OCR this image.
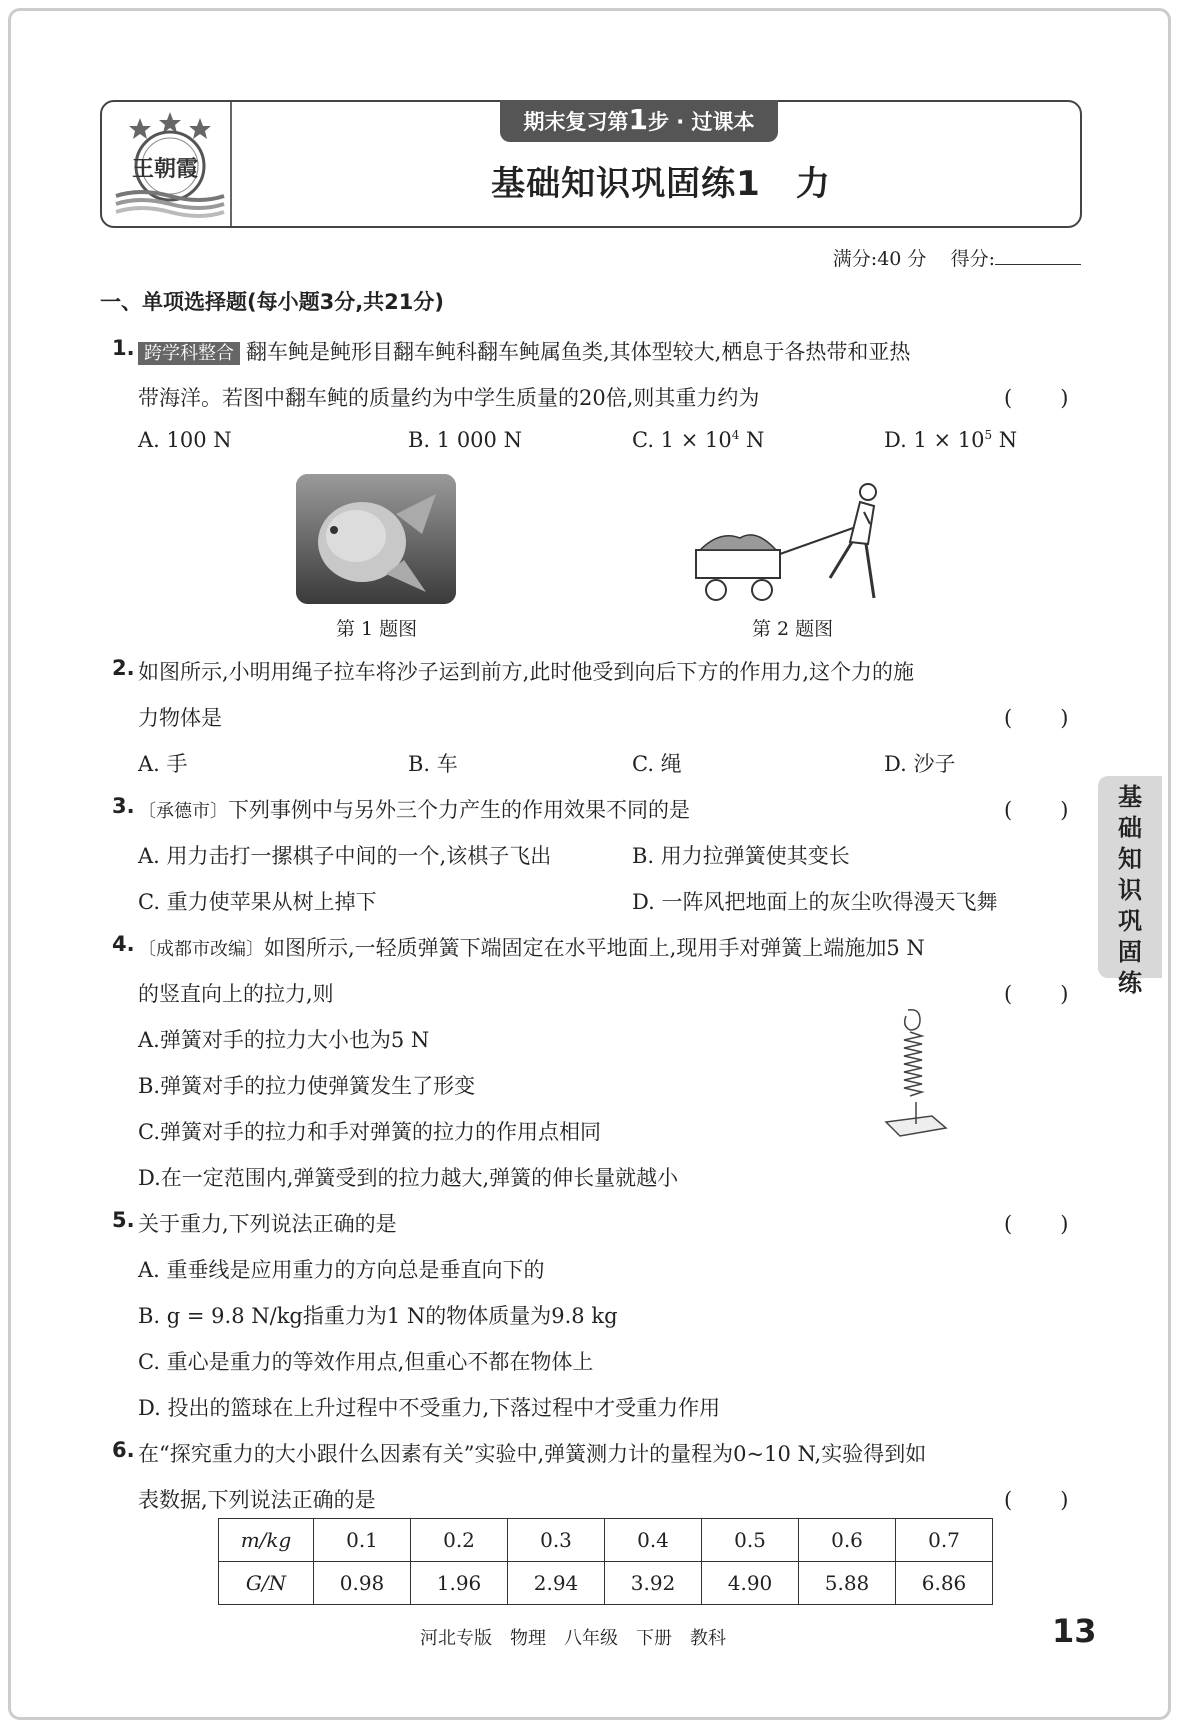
王朝霞
期末复习第1步 · 过课本
基础知识巩固练1　力
满分:40 分 得分:
一、单项选择题(每小题3分,共21分)
1. 跨学科整合 翻车鲀是鲀形目翻车鲀科翻车鲀属鱼类,其体型较大,栖息于各热带和亚热
带海洋。若图中翻车鲀的质量约为中学生质量的20倍,则其重力约为	(　　)
A. 100 N	B. 1 000 N	C. $1 \times 10^4$ N	D. $1 \times 10^5$ N
第 1 题图	第 2 题图
2. 如图所示,小明用绳子拉车将沙子运到前方,此时他受到向后下方的作用力,这个力的施
力物体是	(　　)
A. 手	B. 车	C. 绳	D. 沙子
3. 〔承德市〕下列事例中与另外三个力产生的作用效果不同的是	(　　)
A. 用力击打一摞棋子中间的一个,该棋子飞出	B. 用力拉弹簧使其变长
C. 重力使苹果从树上掉下	D. 一阵风把地面上的灰尘吹得漫天飞舞
4. 〔成都市改编〕如图所示,一轻质弹簧下端固定在水平地面上,现用手对弹簧上端施加5 N
的竖直向上的拉力,则	(　　)
A.弹簧对手的拉力大小也为5 N
B.弹簧对手的拉力使弹簧发生了形变
C.弹簧对手的拉力和手对弹簧的拉力的作用点相同
D.在一定范围内,弹簧受到的拉力越大,弹簧的伸长量就越小
5. 关于重力,下列说法正确的是	(　　)
A. 重垂线是应用重力的方向总是垂直向下的
B. g = 9.8 N/kg指重力为1 N的物体质量为9.8 kg
C. 重心是重力的等效作用点,但重心不都在物体上
D. 投出的篮球在上升过程中不受重力,下落过程中才受重力作用
6. 在“探究重力的大小跟什么因素有关”实验中,弹簧测力计的量程为0~10 N,实验得到如
表数据,下列说法正确的是	(　　)
m/kg	0.1	0.2	0.3	0.4	0.5	0.6	0.7
G/N	0.98	1.96	2.94	3.92	4.90	5.88	6.86
基
础
知
识
巩
固
练
河北专版　物理　八年级　下册　教科	13
